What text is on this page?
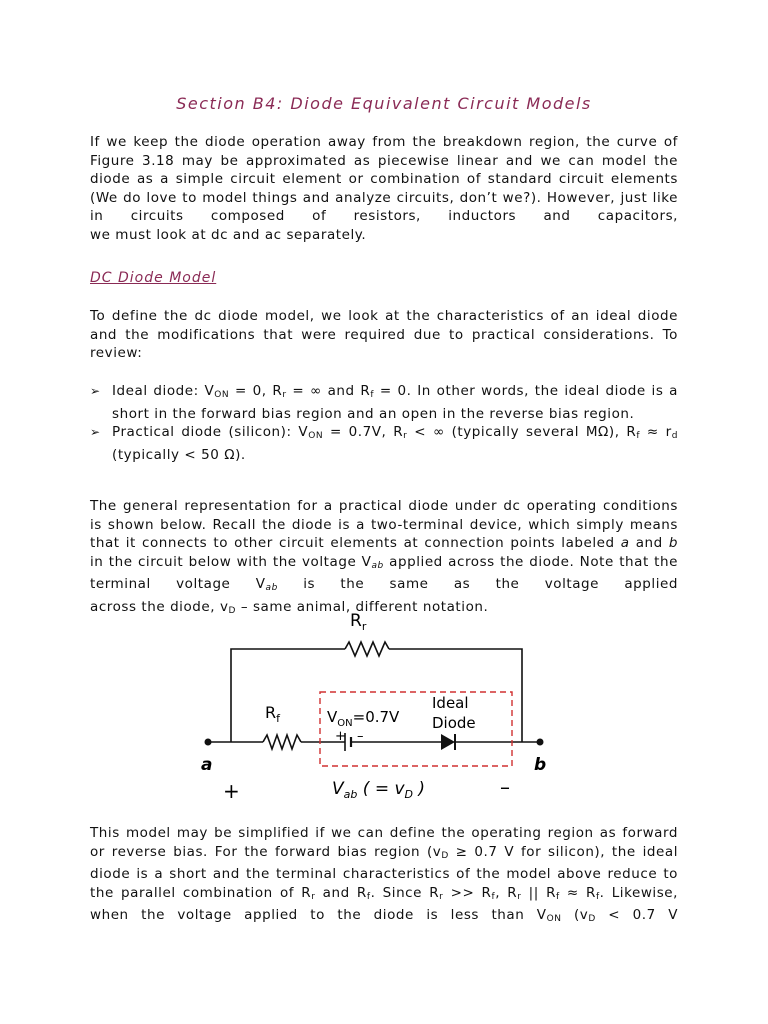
Section B4: Diode Equivalent Circuit Models

If we keep the diode operation away from the breakdown region, the curve of Figure 3.18 may be approximated as piecewise linear and we can model the diode as a simple circuit element or combination of standard circuit elements (We do love to model things and analyze circuits, don’t we?). However, just like in circuits composed of resistors, inductors and capacitors,
we must look at dc and ac separately.

DC Diode Model

To define the dc diode model, we look at the characteristics of an ideal diode and the modifications that were required due to practical considerations. To
review:

➢ Ideal diode: $V_{ON} = 0$, $R_r$ = ∞ and $R_f = 0$. In other words, the ideal diode is a short in the forward bias region and an open in the reverse bias region.
➢ Practical diode (silicon): $V_{ON} = 0.7V$, $R_r$ < ∞ (typically several MΩ), $R_f \approx r_d$ (typically < 50 Ω).

The general representation for a practical diode under dc operating conditions is shown below. Recall the diode is a two-terminal device, which simply means that it connects to other circuit elements at connection points labeled a and b in the circuit below with the voltage $V_{ab}$ applied across the diode. Note that the terminal voltage $V_{ab}$ is the same as the voltage applied
across the diode, $v_D$ – same animal, different notation.

This model may be simplified if we can define the operating region as forward or reverse bias. For the forward bias region ($v_D \ge 0.7$ V for silicon), the ideal diode is a short and the terminal characteristics of the model above reduce to the parallel combination of $R_r$ and $R_f$. Since $R_r >> R_f$, $R_r$ || $R_f \approx R_f$. Likewise, when the voltage applied to the diode is less than $V_{ON}$ ($v_D < 0.7$ V

$R_r$
$R_f$	$V_{ON}=0.7V$
+ –
Ideal
Diode
a	b
+	–
$V_{ab}$ ( = $v_D$ )
